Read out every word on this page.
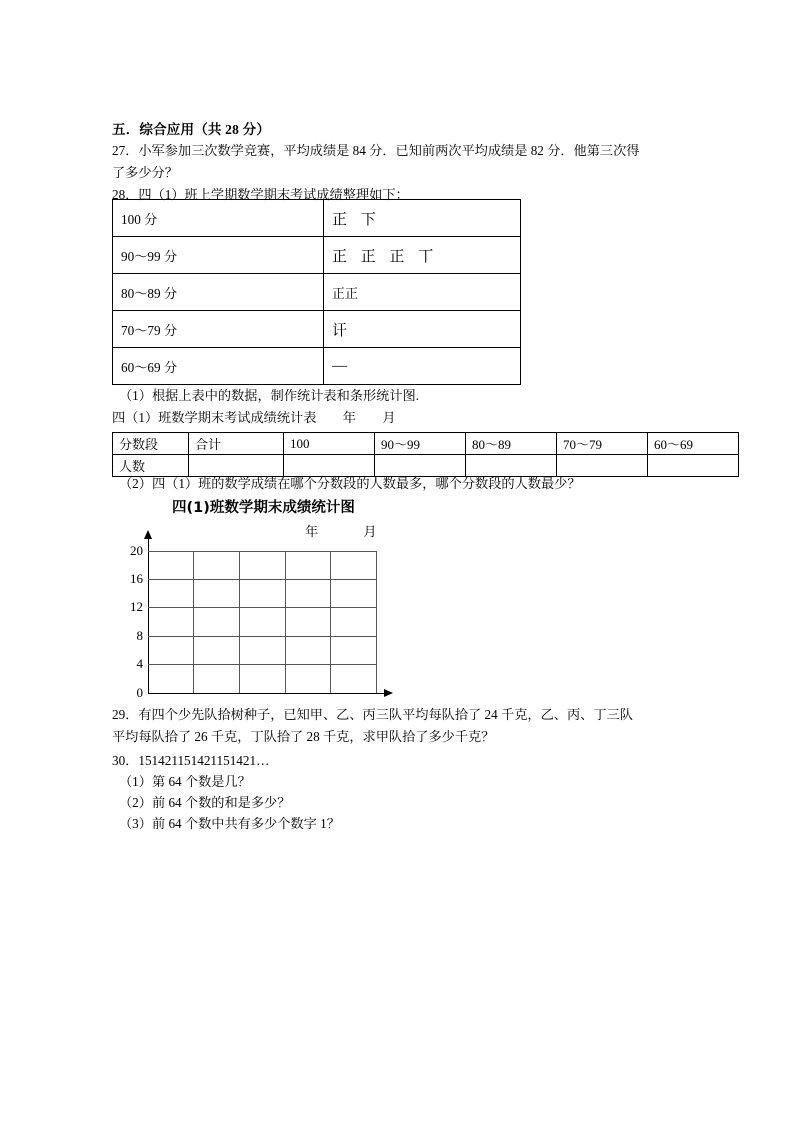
五．综合应用（共 28 分）
27．小军参加三次数学竞赛，平均成绩是 84 分．已知前两次平均成绩是 82 分．他第三次得
了多少分？
28．四（1）班上学期数学期末考试成绩整理如下：
100 分	正 下
90～99 分	正 正 正 丅
80～89 分	正正
70～79 分	讦
60～69 分	—
（1）根据上表中的数据，制作统计表和条形统计图.
四（1）班数学期末考试成绩统计表　　年　　月
分数段	合计	100	90～99	80～89	70～79	60～69
人数						
（2）四（1）班的数学成绩在哪个分数段的人数最多，哪个分数段的人数最少？
四(1)班数学期末成绩统计图
年　月
20
16
12
8
4
0
29．有四个少先队拾树种子，已知甲、乙、丙三队平均每队拾了 24 千克，乙、丙、丁三队
平均每队拾了 26 千克，丁队拾了 28 千克，求甲队拾了多少千克？
30．151421151421151421…
（1）第 64 个数是几？
（2）前 64 个数的和是多少？
（3）前 64 个数中共有多少个数字 1？
